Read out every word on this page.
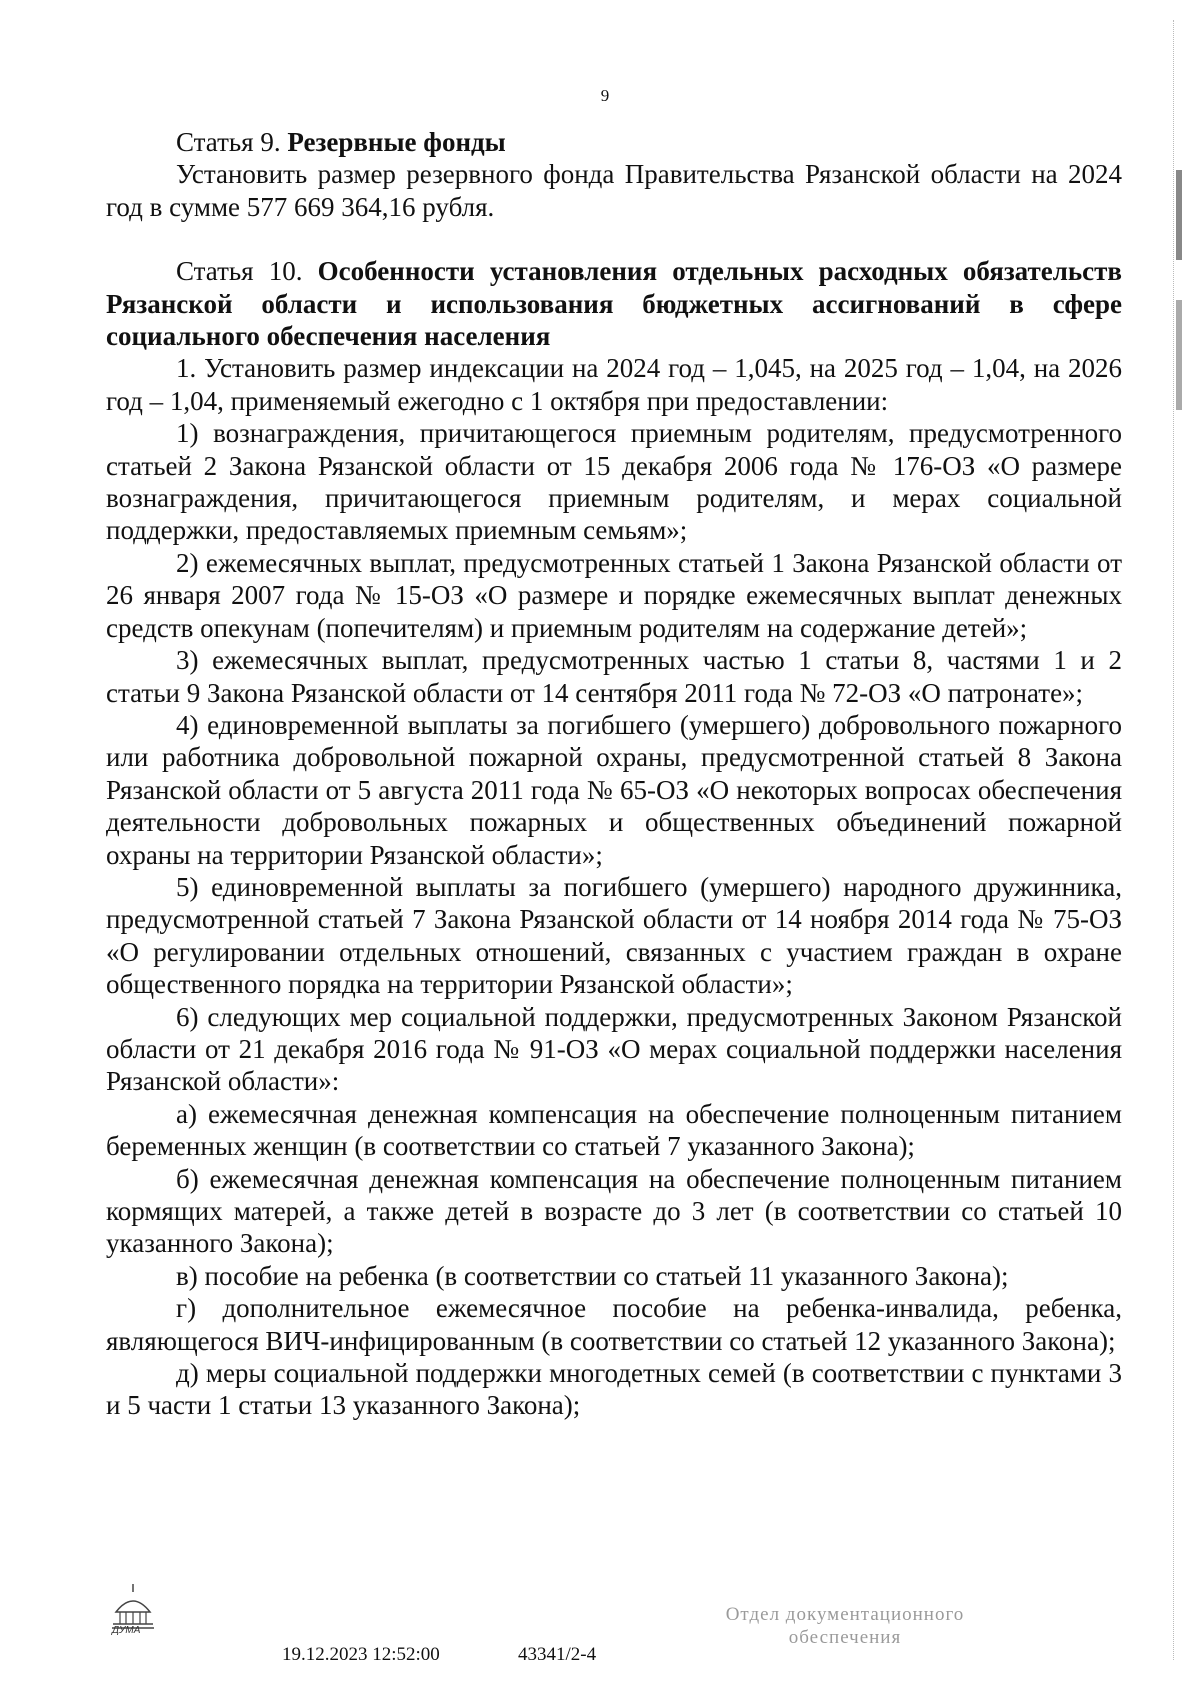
9

Статья 9. Резервные фонды

Установить размер резервного фонда Правительства Рязанской области на 2024 год в сумме 577 669 364,16 рубля.

Статья 10. Особенности установления отдельных расходных обязательств Рязанской области и использования бюджетных ассигнований в сфере социального обеспечения населения

1. Установить размер индексации на 2024 год – 1,045, на 2025 год – 1,04, на 2026 год – 1,04, применяемый ежегодно с 1 октября при предоставлении:

1) вознаграждения, причитающегося приемным родителям, предусмотренного статьей 2 Закона Рязанской области от 15 декабря 2006 года № 176-ОЗ «О размере вознаграждения, причитающегося приемным родителям, и мерах социальной поддержки, предоставляемых приемным семьям»;

2) ежемесячных выплат, предусмотренных статьей 1 Закона Рязанской области от 26 января 2007 года № 15-ОЗ «О размере и порядке ежемесячных выплат денежных средств опекунам (попечителям) и приемным родителям на содержание детей»;

3) ежемесячных выплат, предусмотренных частью 1 статьи 8, частями 1 и 2 статьи 9 Закона Рязанской области от 14 сентября 2011 года № 72-ОЗ «О патронате»;

4) единовременной выплаты за погибшего (умершего) добровольного пожарного или работника добровольной пожарной охраны, предусмотренной статьей 8 Закона Рязанской области от 5 августа 2011 года № 65-ОЗ «О некоторых вопросах обеспечения деятельности добровольных пожарных и общественных объединений пожарной охраны на территории Рязанской области»;

5) единовременной выплаты за погибшего (умершего) народного дружинника, предусмотренной статьей 7 Закона Рязанской области от 14 ноября 2014 года № 75-ОЗ «О регулировании отдельных отношений, связанных с участием граждан в охране общественного порядка на территории Рязанской области»;

6) следующих мер социальной поддержки, предусмотренных Законом Рязанской области от 21 декабря 2016 года № 91-ОЗ «О мерах социальной поддержки населения Рязанской области»:

а) ежемесячная денежная компенсация на обеспечение полноценным питанием беременных женщин (в соответствии со статьей 7 указанного Закона);

б) ежемесячная денежная компенсация на обеспечение полноценным питанием кормящих матерей, а также детей в возрасте до 3 лет (в соответствии со статьей 10 указанного Закона);

в) пособие на ребенка (в соответствии со статьей 11 указанного Закона);

г) дополнительное ежемесячное пособие на ребенка-инвалида, ребенка, являющегося ВИЧ-инфицированным (в соответствии со статьей 12 указанного Закона);

д) меры социальной поддержки многодетных семей (в соответствии с пунктами 3 и 5 части 1 статьи 13 указанного Закона);

ДУМА
19.12.2023 12:52:00	43341/2-4
Отдел документационного
обеспечения
